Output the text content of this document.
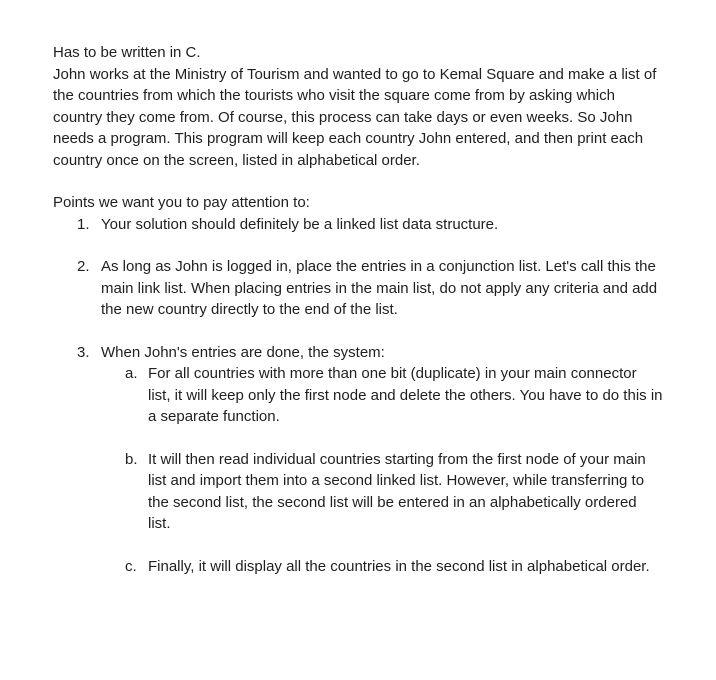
Has to be written in C.

John works at the Ministry of Tourism and wanted to go to Kemal Square and make a list of the countries from which the tourists who visit the square come from by asking which country they come from. Of course, this process can take days or even weeks. So John needs a program. This program will keep each country John entered, and then print each country once on the screen, listed in alphabetical order.

Points we want you to pay attention to:

1. Your solution should definitely be a linked list data structure.
2. As long as John is logged in, place the entries in a conjunction list. Let's call this the main link list. When placing entries in the main list, do not apply any criteria and add the new country directly to the end of the list.
3. When John's entries are done, the system:
a. For all countries with more than one bit (duplicate) in your main connector list, it will keep only the first node and delete the others. You have to do this in a separate function.
b. It will then read individual countries starting from the first node of your main list and import them into a second linked list. However, while transferring to the second list, the second list will be entered in an alphabetically ordered list.
c. Finally, it will display all the countries in the second list in alphabetical order.
